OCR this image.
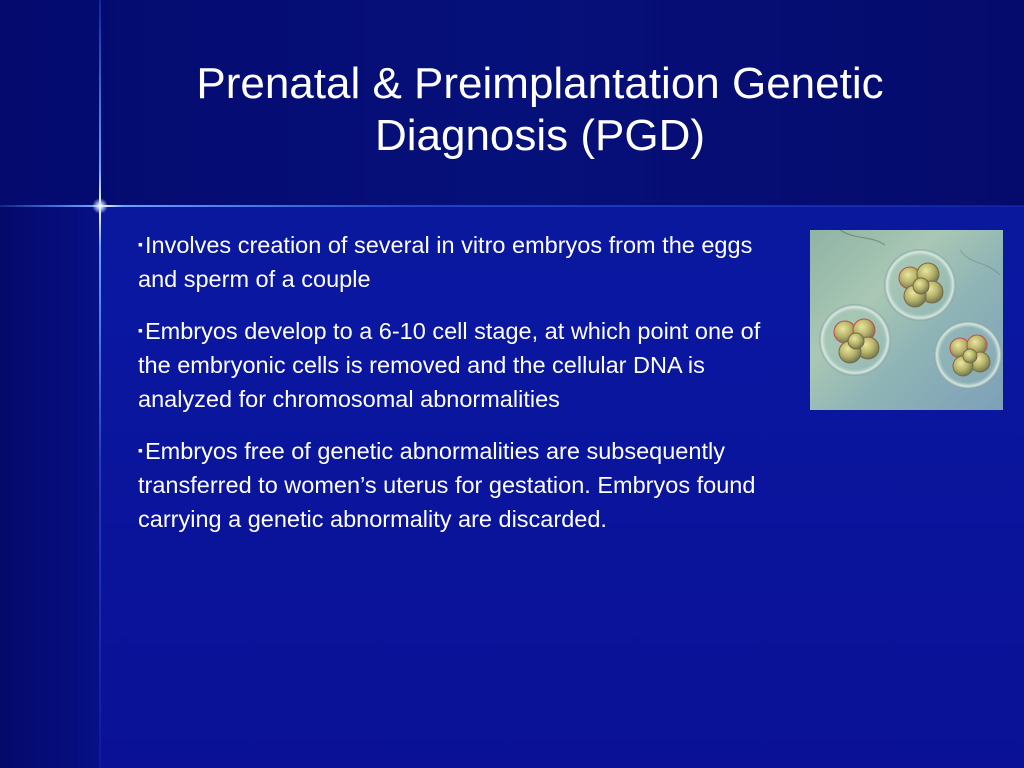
Prenatal & Preimplantation Genetic Diagnosis (PGD)
▪Involves creation of several in vitro embryos from the eggs and sperm of a couple
▪Embryos develop to a 6-10 cell stage, at which point one of the embryonic cells is removed and the cellular DNA is analyzed for chromosomal abnormalities
▪Embryos free of genetic abnormalities are subsequently transferred to women’s uterus for gestation. Embryos found carrying a genetic abnormality are discarded.
